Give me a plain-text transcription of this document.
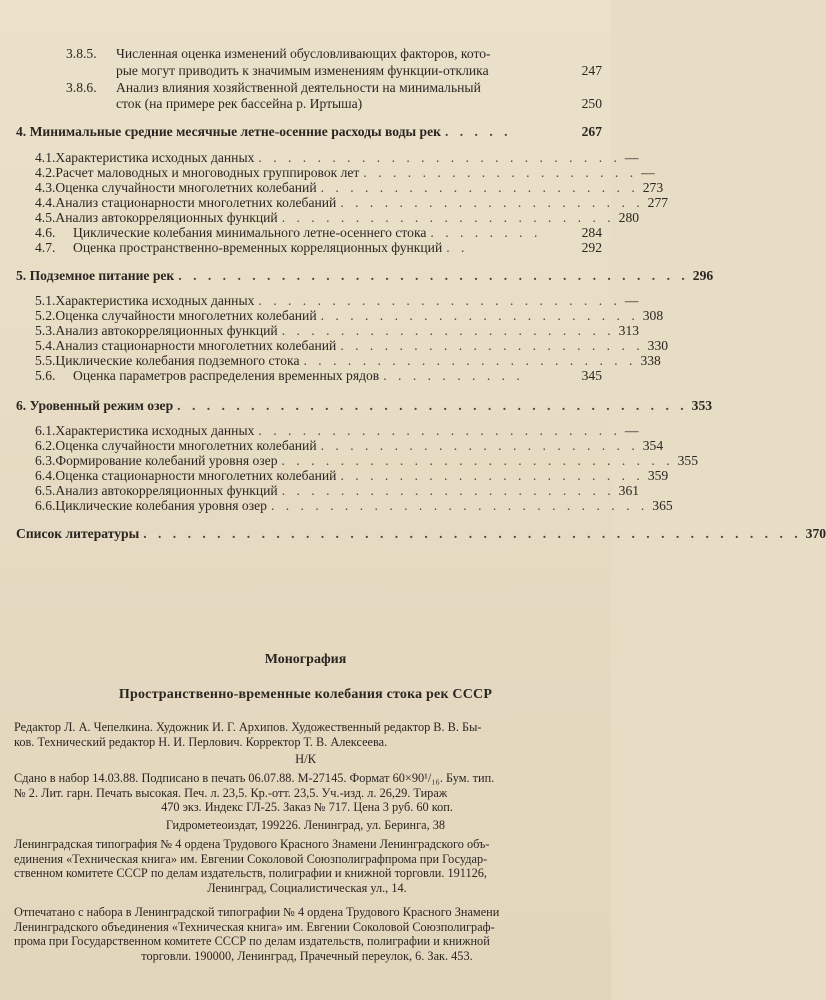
3.8.5. Численная оценка изменений обусловливающих факторов, кото-
рые могут приводить к значимым изменениям функции-отклика	247
3.8.6. Анализ влияния хозяйственной деятельности на минимальный
сток (на примере рек бассейна р. Иртыша)	250
4. Минимальные средние месячные летне-осенние расходы воды рек . . . . .	267
4.1. Характеристика исходных данных . . . . . . . . . . . . . . . . . . . . . . . . . —
4.2. Расчет маловодных и многоводных группировок лет . . . . . . . . . . . . . . . . . . . —
4.3. Оценка случайности многолетних колебаний . . . . . . . . . . . . . . . . . . . . . . 273
4.4. Анализ стационарности многолетних колебаний . . . . . . . . . . . . . . . . . . . . . 277
4.5. Анализ автокорреляционных функций . . . . . . . . . . . . . . . . . . . . . . . 280
4.6.	Циклические колебания минимального летне-осеннего стока . . . . . . . .	284
4.7.	Оценка пространственно-временных корреляционных функций . .	292
5. Подземное питание рек . . . . . . . . . . . . . . . . . . . . . . . . . . . . . . . . . . . 296
5.1. Характеристика исходных данных . . . . . . . . . . . . . . . . . . . . . . . . . —
5.2. Оценка случайности многолетних колебаний . . . . . . . . . . . . . . . . . . . . . . 308
5.3. Анализ автокорреляционных функций . . . . . . . . . . . . . . . . . . . . . . . 313
5.4. Анализ стационарности многолетних колебаний . . . . . . . . . . . . . . . . . . . . . 330
5.5. Циклические колебания подземного стока . . . . . . . . . . . . . . . . . . . . . . . 338
5.6.	Оценка параметров распределения временных рядов . . . . . . . . . .	345
6. Уровенный режим озер . . . . . . . . . . . . . . . . . . . . . . . . . . . . . . . . . . . 353
6.1. Характеристика исходных данных . . . . . . . . . . . . . . . . . . . . . . . . . —
6.2. Оценка случайности многолетних колебаний . . . . . . . . . . . . . . . . . . . . . . 354
6.3. Формирование колебаний уровня озер . . . . . . . . . . . . . . . . . . . . . . . . . . . 355
6.4. Оценка стационарности многолетних колебаний . . . . . . . . . . . . . . . . . . . . . 359
6.5. Анализ автокорреляционных функций . . . . . . . . . . . . . . . . . . . . . . . 361
6.6. Циклические колебания уровня озер . . . . . . . . . . . . . . . . . . . . . . . . . . 365
Список литературы . . . . . . . . . . . . . . . . . . . . . . . . . . . . . . . . . . . . . . . . . . . . . 370
Монография
Пространственно-временные колебания стока рек СССР
Редактор Л. А. Чепелкина. Художник И. Г. Архипов. Художественный редактор В. В. Бы-
ков. Технический редактор Н. И. Перлович. Корректор Т. В. Алексеева.
Н/К
Сдано в набор 14.03.88. Подписано в печать 06.07.88. М-27145. Формат 60×90¹/₁₆. Бум. тип.
№ 2. Лит. гарн. Печать высокая. Печ. л. 23,5. Кр.-отт. 23,5. Уч.-изд. л. 26,29. Тираж
470 экз. Индекс ГЛ-25. Заказ № 717. Цена 3 руб. 60 коп.
Гидрометеоиздат, 199226. Ленинград, ул. Беринга, 38
Ленинградская типография № 4 ордена Трудового Красного Знамени Ленинградского объ-
единения «Техническая книга» им. Евгении Соколовой Союзполиграфпрома при Государ-
ственном комитете СССР по делам издательств, полиграфии и книжной торговли. 191126,
Ленинград, Социалистическая ул., 14.
Отпечатано с набора в Ленинградской типографии № 4 ордена Трудового Красного Знамени
Ленинградского объединения «Техническая книга» им. Евгении Соколовой Союзполиграф-
прома при Государственном комитете СССР по делам издательств, полиграфии и книжной
торговли. 190000, Ленинград, Прачечный переулок, 6. Зак. 453.
